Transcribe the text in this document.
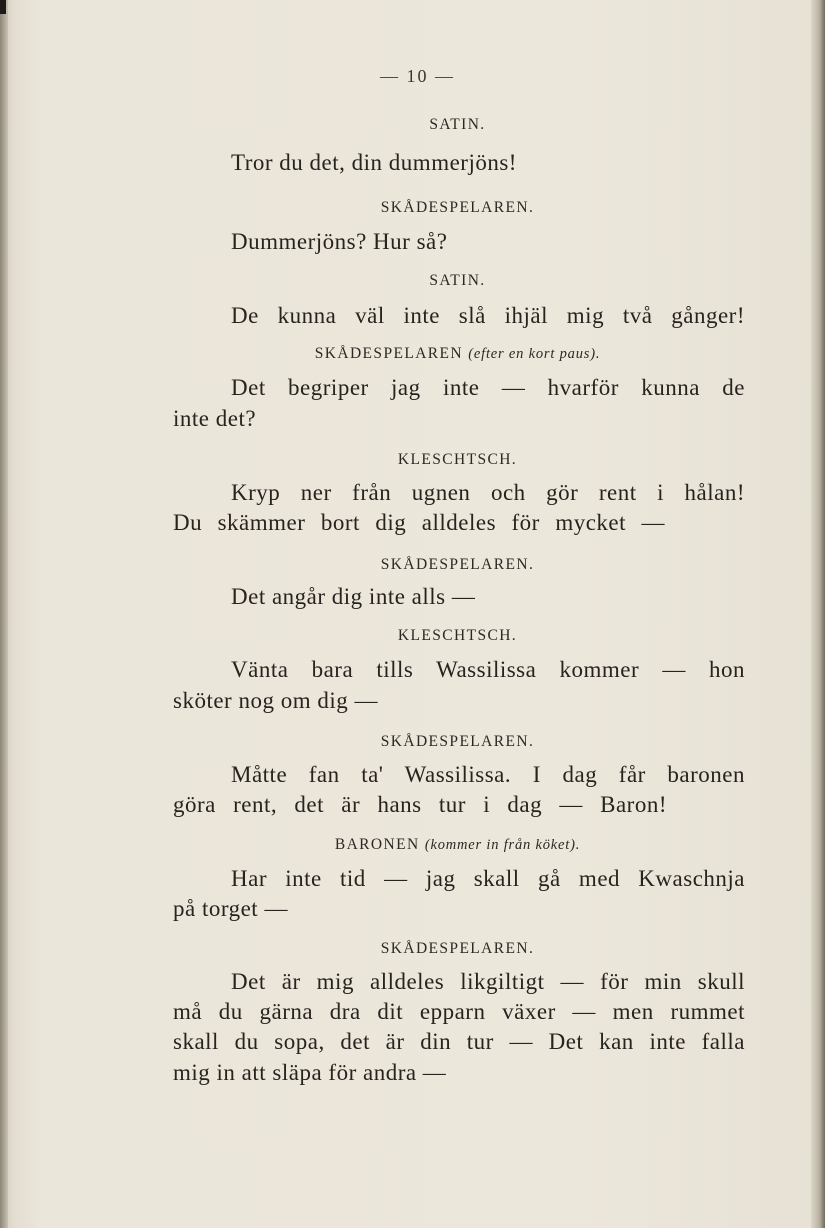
— 10 —
SATIN.
Tror du det, din dummerjöns!
SKÅDESPELAREN.
Dummerjöns? Hur så?
SATIN.
De kunna väl inte slå ihjäl mig två gånger!
SKÅDESPELAREN (efter en kort paus).
Det begriper jag inte — hvarför kunna de
inte det?
KLESCHTSCH.
Kryp ner från ugnen och gör rent i hålan!
Du skämmer bort dig alldeles för mycket —
SKÅDESPELAREN.
Det angår dig inte alls —
KLESCHTSCH.
Vänta bara tills Wassilissa kommer — hon
sköter nog om dig —
SKÅDESPELAREN.
Måtte fan ta' Wassilissa. I dag får baronen
göra rent, det är hans tur i dag — Baron!
BARONEN (kommer in från köket).
Har inte tid — jag skall gå med Kwaschnja
på torget —
SKÅDESPELAREN.
Det är mig alldeles likgiltigt — för min skull
må du gärna dra dit epparn växer — men rummet
skall du sopa, det är din tur — Det kan inte falla
mig in att släpa för andra —
